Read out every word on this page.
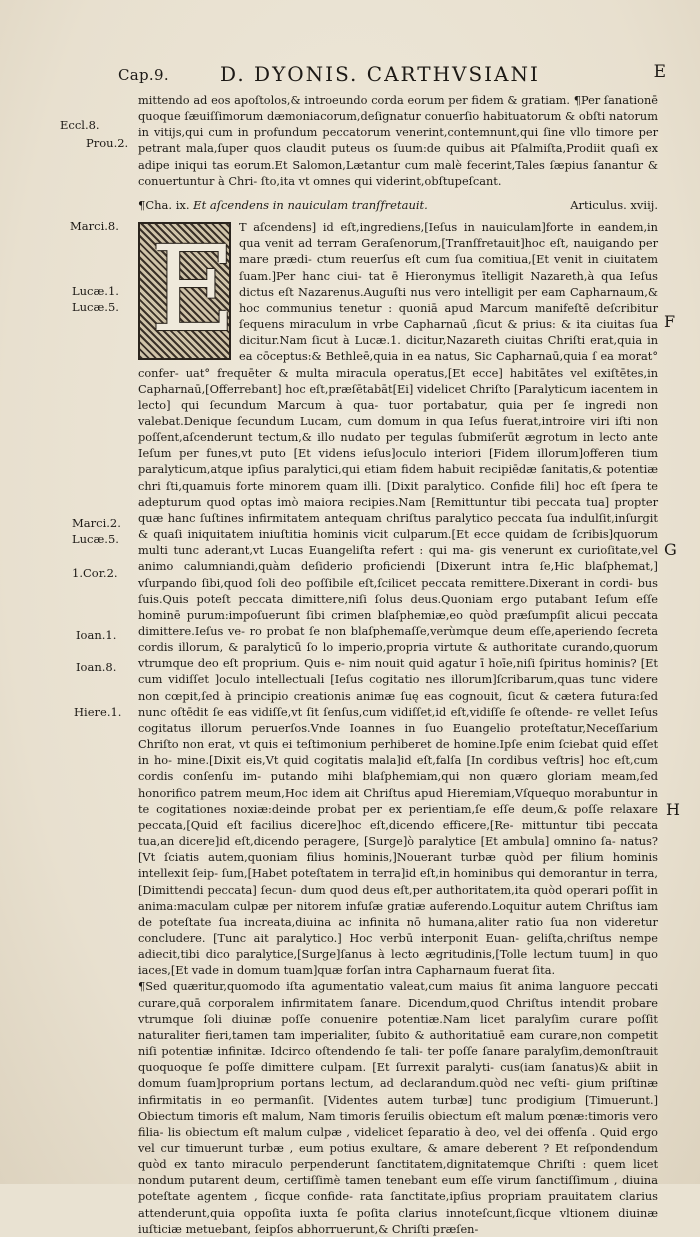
Cap.9.	D. DYONIS. CARTHVSIANI	E
Eccl.8.
Prou.2.
Marci.8.
Lucæ.1.
Lucæ.5.
Marci.2.
Lucæ.5.
1.Cor.2.
Ioan.1.
Ioan.8.
Hiere.1.
F
G
H

mittendo ad eos apoſtolos,& introeundo corda eorum per fidem & gratiam. ¶Per ſanationē quoque ſæuiſſimorum dæmoniacorum,deſignatur conuerſio habituatorum & obſti natorum in vitijs,qui cum in profundum peccatorum venerint,contemnunt,qui ſine vllo timore per petrant mala,ſuper quos claudit puteus os ſuum:de quibus ait Pſalmiſta,Prodiit quaſi ex adipe iniqui tas eorum.Et Salomon,Lætantur cum malè fecerint,Tales ſæpius ſanantur & conuertuntur à Chri- ſto,ita vt omnes qui viderint,obſtupeſcant.

¶Cha. ix. Et aſcendens in nauiculam tranſfretauit.	Articulus. xviij.
E T aſcendens] id eſt,ingrediens,[Ieſus in nauiculam]forte in eandem,in qua venit ad terram Geraſenorum,[Tranſfretauit]hoc eſt, nauigando per mare prædi- ctum reuerſus eſt cum ſua comitiua,[Et venit in ciuitatem ſuam.]Per hanc ciui- tat ē Hieronymus ītelligit Nazareth,à qua Ieſus dictus eſt Nazarenus.Auguſti nus vero intelligit per eam Capharnaum,& hoc communius tenetur : quoniā apud Marcum manifeſtē deſcribitur ſequens miraculum in vrbe Capharnaū ,ſicut & prius: & ita ciuitas ſua dicitur.Nam ſicut à Lucæ.1. dicitur,Nazareth ciuitas Chriſti erat,quia in ea cōceptus:& Bethleē,quia in ea natus, Sic Capharnaū,quia ſ ea morat° confer- uat° frequēter & multa miracula operatus,[Et ecce] habitātes vel exiſtētes,in Capharnaū,[Offerrebant] hoc eſt,præſētabāt[Ei] videlicet Chriſto [Paralyticum iacentem in lecto] qui ſecundum Marcum à qua- tuor portabatur, quia per ſe ingredi non valebat.Denique ſecundum Lucam, cum domum in qua Ieſus fuerat,introire viri iſti non poſſent,aſcenderunt tectum,& illo nudato per tegulas ſubmiſerūt ægrotum in lecto ante Ieſum per funes,vt puto [Et videns ieſus]oculo interiori [Fidem illorum]offeren tium paralyticum,atque ipſius paralytici,qui etiam fidem habuit recipiēdæ ſanitatis,& potentiæ chri ſti,quamuis forte minorem quam illi. [Dixit paralytico. Confide fili] hoc eſt ſpera te adepturum quod optas imò maiora recipies.Nam [Remittuntur tibi peccata tua] propter quæ hanc ſuſtines infirmitatem antequam chriſtus paralytico peccata ſua indulſit,inſurgit & quaſi iniquitatem iniuſtitia hominis vicit culparum.[Et ecce quidam de ſcribis]quorum multi tunc aderant,vt Lucas Euangeliſta refert : qui ma- gis venerunt ex curioſitate,vel animo calumniandi,quàm deſiderio proficiendi [Dixerunt intra ſe,Hic blaſphemat,] vſurpando ſibi,quod ſoli deo poſſibile eſt,ſcilicet peccata remittere.Dixerant in cordi- bus ſuis.Quis poteſt peccata dimittere,niſi ſolus deus.Quoniam ergo putabant Ieſum eſſe hominē purum:impoſuerunt ſibi crimen blaſphemiæ,eo quòd præſumpſit alicui peccata dimittere.Ieſus ve- ro probat ſe non blaſphemaſſe,verùmque deum eſſe,aperiendo ſecreta cordis illorum, & paralyticū ſo lo imperio,propria virtute & authoritate curando,quorum vtrumque deo eſt proprium. Quis e- nim nouit quid agatur ī hoīe,niſi ſpiritus hominis? [Et cum vidiſſet ]oculo intellectuali [Ieſus cogitatio nes illorum]ſcribarum,quas tunc videre non cœpit,ſed à principio creationis animæ ſuę eas cognouit, ſicut & cætera futura:ſed nunc oſtēdit ſe eas vidiſſe,vt ſit ſenſus,cum vidiſſet,id eſt,vidiſſe ſe oſtende- re vellet Ieſus cogitatus illorum peruerſos.Vnde Ioannes in ſuo Euangelio proteſtatur,Neceſſarium Chriſto non erat, vt quis ei teſtimonium perhiberet de homine.Ipſe enim ſciebat quid eſſet in ho- mine.[Dixit eis,Vt quid cogitatis mala]id eſt,falſa [In cordibus veſtris] hoc eſt,cum cordis conſenſu im- putando mihi blaſphemiam,qui non quæro gloriam meam,ſed honorifico patrem meum,Hoc idem ait Chriſtus apud Hieremiam,Vſquequo morabuntur in te cogitationes noxiæ:deinde probat per ex perientiam,ſe eſſe deum,& poſſe relaxare peccata,[Quid eſt facilius dicere]hoc eſt,dicendo efficere,[Re- mittuntur tibi peccata tua,an dicere]id eſt,dicendo peragere, [Surge]ò paralytice [Et ambula] omnino ſa- natus?[Vt ſciatis autem,quoniam filius hominis,]Nouerant turbæ quòd per filium hominis intellexit ſeip- ſum,[Habet poteſtatem in terra]id eſt,in hominibus qui demorantur in terra,[Dimittendi peccata] ſecun- dum quod deus eſt,per authoritatem,ita quòd operari poſſit in anima:maculam culpæ per nitorem infuſæ gratiæ auferendo.Loquitur autem Chriſtus iam de poteſtate ſua increata,diuina ac infinita nō humana,aliter ratio ſua non videretur concludere. [Tunc ait paralytico.] Hoc verbū interponit Euan- geliſta,chriſtus nempe adiecit,tibi dico paralytice,[Surge]ſanus à lecto ægritudinis,[Tolle lectum tuum] in quo iaces,[Et vade in domum tuam]quæ forſan intra Capharnaum fuerat ſita.

¶Sed quæritur,quomodo iſta agumentatio valeat,cum maius ſit anima languore peccati curare,quā corporalem infirmitatem ſanare. Dicendum,quod Chriſtus intendit probare vtrumque ſoli diuinæ poſſe conuenire potentiæ.Nam licet paralyſim curare poſſit naturaliter fieri,tamen tam imperialiter, ſubito & authoritatiuē eam curare,non competit niſi potentiæ infinitæ. Idcirco oſtendendo ſe tali- ter poſſe ſanare paralyſim,demonſtrauit quoquoque ſe poſſe dimittere culpam. [Et ſurrexit paralyti- cus(iam ſanatus)& abiit in domum ſuam]proprium portans lectum, ad declarandum.quòd nec veſti- gium priſtinæ infirmitatis in eo permanſit. [Videntes autem turbæ] tunc prodigium [Timuerunt.] Obiectum timoris eſt malum, Nam timoris ſeruilis obiectum eſt malum pœnæ:timoris vero filia- lis obiectum eſt malum culpæ , videlicet ſeparatio à deo, vel dei offenſa . Quid ergo vel cur timuerunt turbæ , eum potius exultare, & amare deberent ? Et reſpondendum quòd ex tanto miraculo perpenderunt ſanctitatem,dignitatemque Chriſti : quem licet nondum putarent deum, certiſſimè tamen tenebant eum eſſe virum ſanctiſſimum , diuina poteſtate agentem , ſicque confide- rata ſanctitate,ipſius propriam prauitatem clarius attenderunt,quia oppoſita iuxta ſe poſita clarius innoteſcunt,ſicque vltionem diuinæ iuſticiæ metuebant, ſeipſos abhorruerunt,& Chriſti præſen-
